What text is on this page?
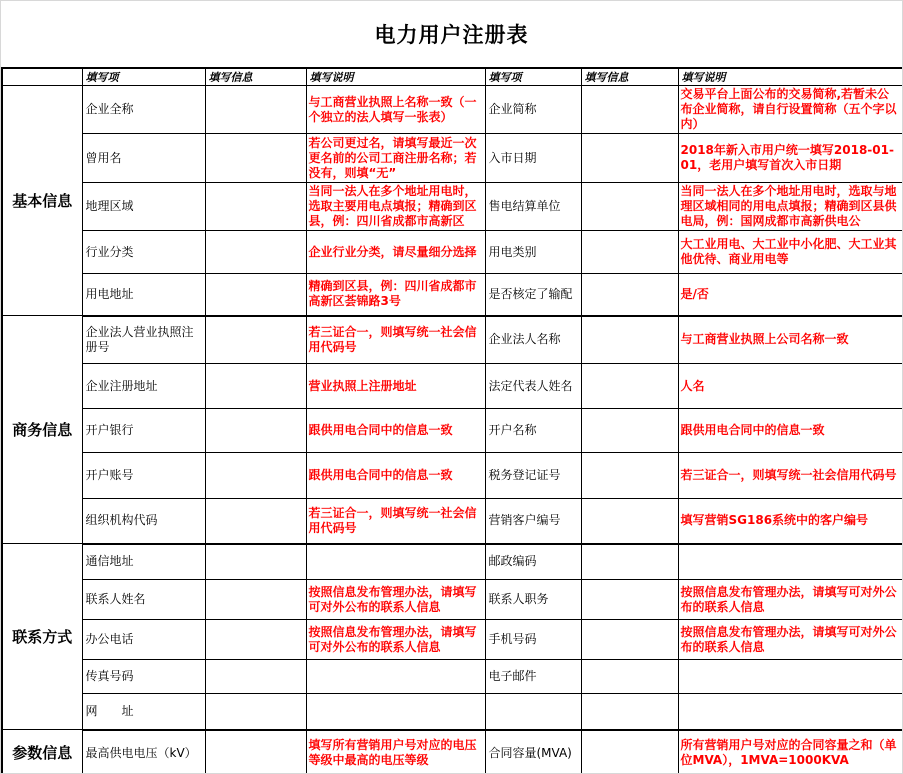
电力用户注册表
	填写项	填写信息	填写说明	填写项	填写信息	填写说明
基本信息	企业全称		与工商营业执照上名称一致（一个独立的法人填写一张表）	企业简称		交易平台上面公布的交易简称,若暂未公布企业简称，请自行设置简称（五个字以内）
	曾用名		若公司更过名，请填写最近一次更名前的公司工商注册名称；若没有，则填“无”	入市日期		2018年新入市用户统一填写2018-01-01，老用户填写首次入市日期
	地理区域		当同一法人在多个地址用电时，选取主要用电点填报；精确到区县，例：四川省成都市高新区	售电结算单位		当同一法人在多个地址用电时，选取与地理区域相同的用电点填报；精确到区县供电局，例：国网成都市高新供电公
	行业分类		企业行业分类，请尽量细分选择	用电类别		大工业用电、大工业中小化肥、大工业其他优待、商业用电等
	用电地址		精确到区县，例：四川省成都市高新区荟锦路3号	是否核定了输配		是/否
商务信息	企业法人营业执照注册号		若三证合一，则填写统一社会信用代码号	企业法人名称		与工商营业执照上公司名称一致
	企业注册地址		营业执照上注册地址	法定代表人姓名		人名
	开户银行		跟供用电合同中的信息一致	开户名称		跟供用电合同中的信息一致
	开户账号		跟供用电合同中的信息一致	税务登记证号		若三证合一，则填写统一社会信用代码号
	组织机构代码		若三证合一，则填写统一社会信用代码号	营销客户编号		填写营销SG186系统中的客户编号
联系方式	通信地址			邮政编码		
	联系人姓名		按照信息发布管理办法，请填写可对外公布的联系人信息	联系人职务		按照信息发布管理办法，请填写可对外公布的联系人信息
	办公电话		按照信息发布管理办法，请填写可对外公布的联系人信息	手机号码		按照信息发布管理办法，请填写可对外公布的联系人信息
	传真号码			电子邮件		
	网　　址					
参数信息	最高供电电压（kV）		填写所有营销用户号对应的电压等级中最高的电压等级	合同容量(MVA)		所有营销用户号对应的合同容量之和（单位MVA），1MVA=1000KVA
